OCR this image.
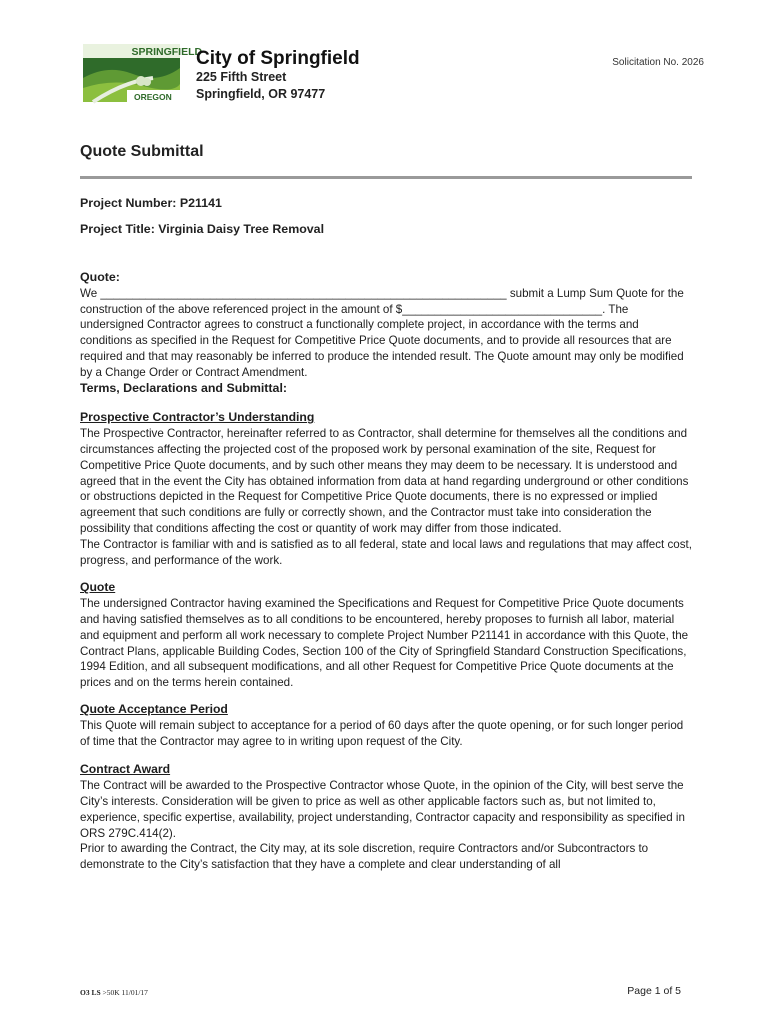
SPRINGFIELD
OREGON
City of Springfield
225 Fifth Street
Springfield, OR 97477
Solicitation No. 2026
Quote Submittal
Project Number: P21141
Project Title: Virginia Daisy Tree Removal

Quote:

We _______________________________________________________________ submit a Lump Sum Quote for the construction of the above referenced project in the amount of $_______________________________. The undersigned Contractor agrees to construct a functionally complete project, in accordance with the terms and conditions as specified in the Request for Competitive Price Quote documents, and to provide all resources that are required and that may reasonably be inferred to produce the intended result. The Quote amount may only be modified by a Change Order or Contract Amendment.

Terms, Declarations and Submittal:

Prospective Contractor’s Understanding

The Prospective Contractor, hereinafter referred to as Contractor, shall determine for themselves all the conditions and circumstances affecting the projected cost of the proposed work by personal examination of the site, Request for Competitive Price Quote documents, and by such other means they may deem to be necessary. It is understood and agreed that in the event the City has obtained information from data at hand regarding underground or other conditions or obstructions depicted in the Request for Competitive Price Quote documents, there is no expressed or implied agreement that such conditions are fully or correctly shown, and the Contractor must take into consideration the possibility that conditions affecting the cost or quantity of work may differ from those indicated.

The Contractor is familiar with and is satisfied as to all federal, state and local laws and regulations that may affect cost, progress, and performance of the work.

Quote

The undersigned Contractor having examined the Specifications and Request for Competitive Price Quote documents and having satisfied themselves as to all conditions to be encountered, hereby proposes to furnish all labor, material and equipment and perform all work necessary to complete Project Number P21141 in accordance with this Quote, the Contract Plans, applicable Building Codes, Section 100 of the City of Springfield Standard Construction Specifications, 1994 Edition, and all subsequent modifications, and all other Request for Competitive Price Quote documents at the prices and on the terms herein contained.

Quote Acceptance Period

This Quote will remain subject to acceptance for a period of 60 days after the quote opening, or for such longer period of time that the Contractor may agree to in writing upon request of the City.

Contract Award

The Contract will be awarded to the Prospective Contractor whose Quote, in the opinion of the City, will best serve the City’s interests. Consideration will be given to price as well as other applicable factors such as, but not limited to, experience, specific expertise, availability, project understanding, Contractor capacity and responsibility as specified in ORS 279C.414(2).

Prior to awarding the Contract, the City may, at its sole discretion, require Contractors and/or Subcontractors to demonstrate to the City’s satisfaction that they have a complete and clear understanding of all

O3 LS >50K 11/01/17	Page 1 of 5
